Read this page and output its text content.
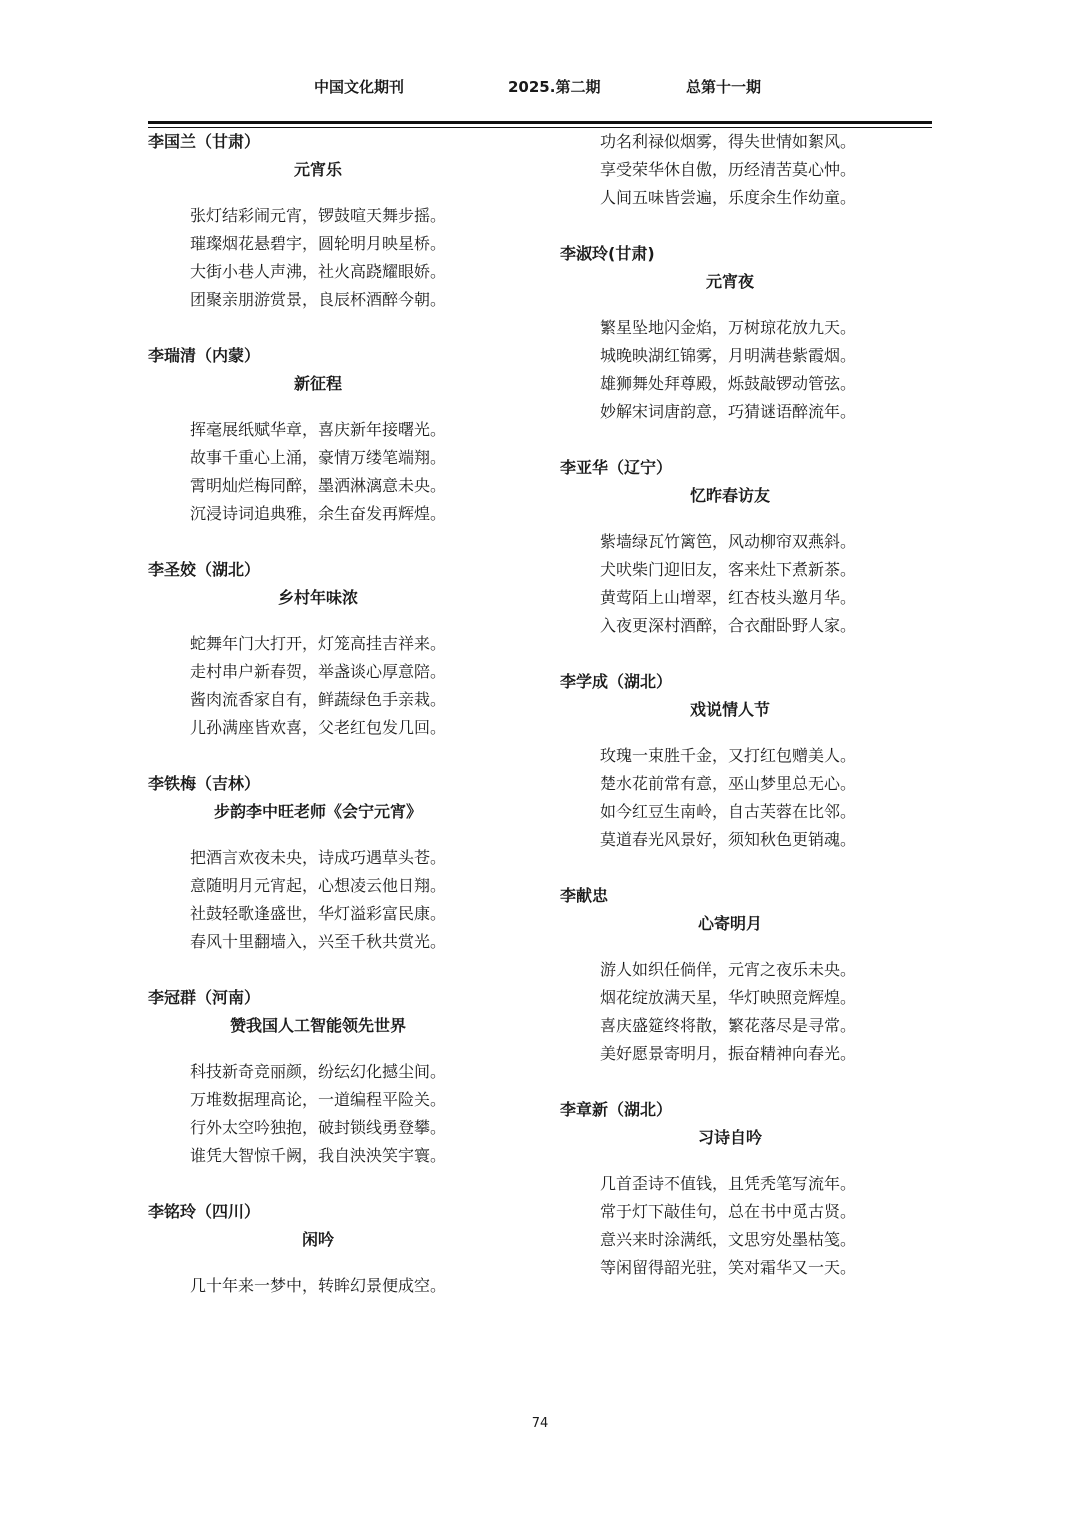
中国文化期刊	2025.第二期	总第十一期
李国兰（甘肃）
元宵乐
张灯结彩闹元宵，锣鼓喧天舞步摇。
璀璨烟花悬碧宇，圆轮明月映星桥。
大街小巷人声沸，社火高跷耀眼娇。
团聚亲朋游赏景，良辰杯酒醉今朝。
李瑞清（内蒙）
新征程
挥毫展纸赋华章，喜庆新年接曙光。
故事千重心上涌，豪情万缕笔端翔。
霄明灿烂梅同醉，墨洒淋漓意未央。
沉浸诗词追典雅，余生奋发再辉煌。
李圣姣（湖北）
乡村年味浓
蛇舞年门大打开，灯笼高挂吉祥来。
走村串户新春贺，举盏谈心厚意陪。
酱肉流香家自有，鲜蔬绿色手亲栽。
儿孙满座皆欢喜，父老红包发几回。
李铁梅（吉林）
步韵李中旺老师《会宁元宵》
把酒言欢夜未央，诗成巧遇草头苍。
意随明月元宵起，心想凌云他日翔。
社鼓轻歌逢盛世，华灯溢彩富民康。
春风十里翻墙入，兴至千秋共赏光。
李冠群（河南）
赞我国人工智能领先世界
科技新奇竞丽颜，纷纭幻化撼尘间。
万堆数据理高论，一道编程平险关。
行外太空吟独抱，破封锁线勇登攀。
谁凭大智惊千阙，我自泱泱笑宇寰。
李铭玲（四川）
闲吟
几十年来一梦中，转眸幻景便成空。
功名利禄似烟雾，得失世情如絮风。
享受荣华休自傲，历经清苦莫心忡。
人间五味皆尝遍，乐度余生作幼童。
李淑玲(甘肃)
元宵夜
繁星坠地闪金焰，万树琼花放九天。
城晚映湖红锦雾，月明满巷紫霞烟。
雄狮舞处拜尊殿，烁鼓敲锣动管弦。
妙解宋词唐韵意，巧猜谜语醉流年。
李亚华（辽宁）
忆昨春访友
紫墙绿瓦竹篱笆，风动柳帘双燕斜。
犬吠柴门迎旧友，客来灶下煮新茶。
黄莺陌上山增翠，红杏枝头邀月华。
入夜更深村酒醉，合衣酣卧野人家。
李学成（湖北）
戏说情人节
玫瑰一束胜千金，又打红包赠美人。
楚水花前常有意，巫山梦里总无心。
如今红豆生南岭，自古芙蓉在比邻。
莫道春光风景好，须知秋色更销魂。
李献忠
心寄明月
游人如织任倘佯，元宵之夜乐未央。
烟花绽放满天星，华灯映照竞辉煌。
喜庆盛筵终将散，繁花落尽是寻常。
美好愿景寄明月，振奋精神向春光。
李章新（湖北）
习诗自吟
几首歪诗不值钱，且凭秃笔写流年。
常于灯下敲佳句，总在书中觅古贤。
意兴来时涂满纸，文思穷处墨枯笺。
等闲留得韶光驻，笑对霜华又一天。
74
